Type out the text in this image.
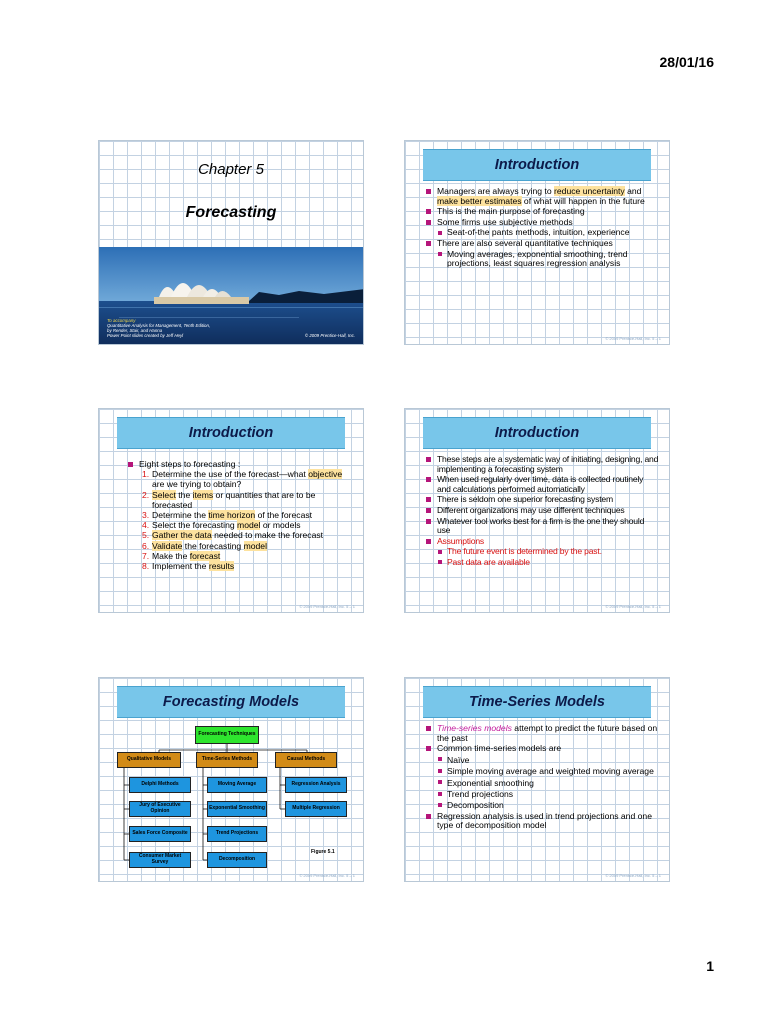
28/01/16
Chapter 5
Forecasting
To accompany
Quantitative Analysis for Management, Tenth Edition,
by Render, Stair, and Hanna
Power Point slides created by Jeff Heyl	© 2009 Prentice-Hall, Inc.
Introduction
Managers are always trying to reduce uncertainty and make better estimates of what will happen in the future
This is the main purpose of forecasting
Some firms use subjective methods
Seat-of-the pants methods, intuition, experience
There are also several quantitative techniques
Moving averages, exponential smoothing, trend projections, least squares regression analysis
© 2009 Prentice-Hall, Inc. 5 – 1
Introduction
Eight steps to forecasting :
1. Determine the use of the forecast—what objective are we trying to obtain?
2. Select the items or quantities that are to be forecasted
3. Determine the time horizon of the forecast
4. Select the forecasting model or models
5. Gather the data needed to make the forecast
6. Validate the forecasting model
7. Make the forecast
8. Implement the results
© 2009 Prentice-Hall, Inc. 5 – 1
Introduction
These steps are a systematic way of initiating, designing, and implementing a forecasting system
When used regularly over time, data is collected routinely and calculations performed automatically
There is seldom one superior forecasting system
Different organizations may use different techniques
Whatever tool works best for a firm is the one they should use
Assumptions
The future event is determined by the past.
Past data are available
© 2009 Prentice-Hall, Inc. 5 – 1
Forecasting Models
Forecasting Techniques
Qualitative Models	Time-Series Methods	Causal Methods
Delphi Methods
Jury of Executive Opinion
Sales Force Composite
Consumer Market Survey
Moving Average
Exponential Smoothing
Trend Projections
Decomposition
Regression Analysis
Multiple Regression
Figure 5.1
© 2009 Prentice-Hall, Inc. 5 – 1
Time-Series Models
Time-series models attempt to predict the future based on the past
Common time-series models are
Naïve
Simple moving average and weighted moving average
Exponential smoothing
Trend projections
Decomposition
Regression analysis is used in trend projections and one type of decomposition model
© 2009 Prentice-Hall, Inc. 5 – 1
1
